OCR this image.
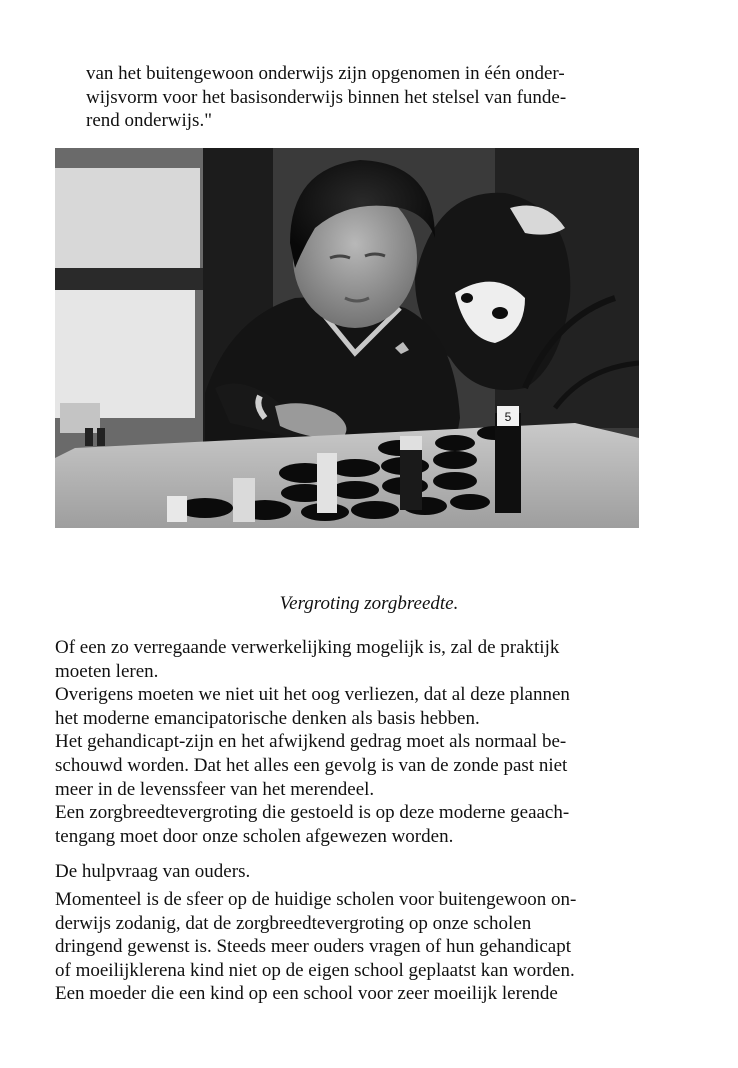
van het buitengewoon onderwijs zijn opgenomen in één onder-
wijsvorm voor het basisonderwijs binnen het stelsel van funde-
rend onderwijs."
5
Vergroting zorgbreedte.
Of een zo verregaande verwerkelijking mogelijk is, zal de praktijk
moeten leren.
Overigens moeten we niet uit het oog verliezen, dat al deze plannen
het moderne emancipatorische denken als basis hebben.
Het gehandicapt-zijn en het afwijkend gedrag moet als normaal be-
schouwd worden. Dat het alles een gevolg is van de zonde past niet
meer in de levenssfeer van het merendeel.
Een zorgbreedtevergroting die gestoeld is op deze moderne geaach-
tengang moet door onze scholen afgewezen worden.

De hulpvraag van ouders.

Momenteel is de sfeer op de huidige scholen voor buitengewoon on-
derwijs zodanig, dat de zorgbreedtevergroting op onze scholen
dringend gewenst is. Steeds meer ouders vragen of hun gehandicapt
of moeilijklerena kind niet op de eigen school geplaatst kan worden.
Een moeder die een kind op een school voor zeer moeilijk lerende
